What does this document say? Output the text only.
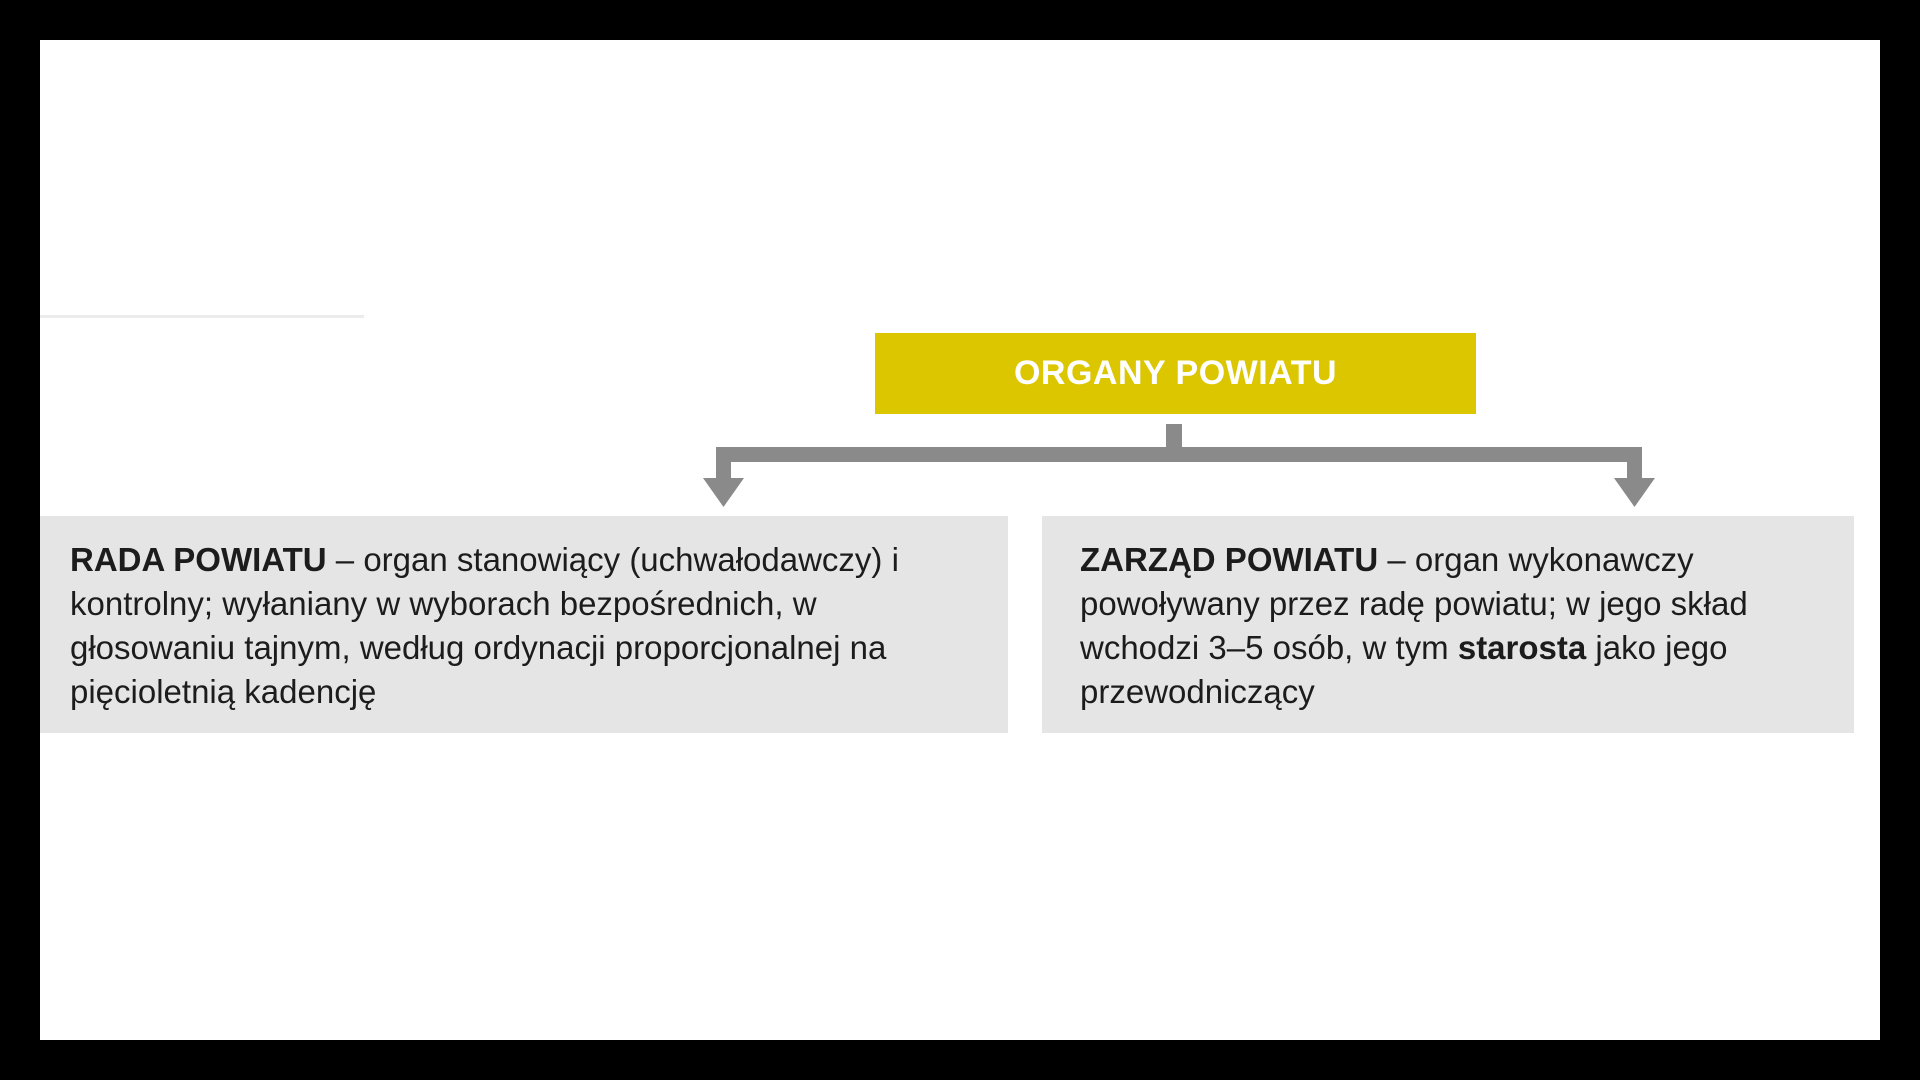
ORGANY POWIATU
RADA POWIATU – organ stanowiący (uchwałodawczy) i kontrolny; wyłaniany w wyborach bezpośrednich, w głosowaniu tajnym, według ordynacji proporcjonalnej na pięcioletnią kadencję
ZARZĄD POWIATU – organ wykonawczy powoływany przez radę powiatu; w jego skład wchodzi 3–5 osób, w tym starosta jako jego przewodniczący
